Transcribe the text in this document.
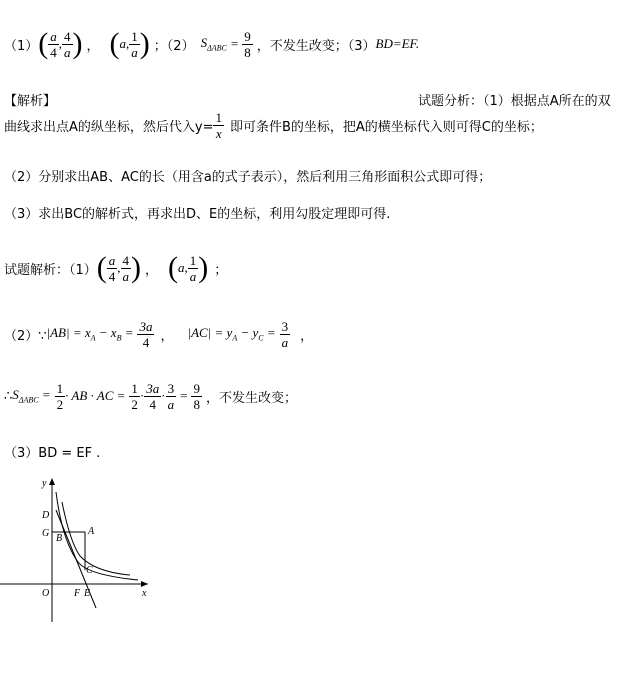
（1） ( $\frac{a}{4}$ , $\frac{4}{a}$ ) ， ( a, $\frac{1}{a}$ ) ；（2） $S_{\Delta ABC} = \frac{9}{8}$ ，不发生改变；（3） BD=EF.
【解析】	试题分析：（1）根据点A所在的双
曲线求出点A的纵坐标，然后代入$y= \frac{1}{x}$ 即可条件B的坐标，把A的横坐标代入则可得C的坐标；
（2）分别求出AB、AC的长（用含a的式子表示），然后利用三角形面积公式即可得；
（3）求出BC的解析式，再求出D、E的坐标，利用勾股定理即可得.
试题解析：（1） ( $\frac{a}{4}$ , $\frac{4}{a}$ ) ， ( a, $\frac{1}{a}$ ) ；
（2）∵ $|AB| = x_A - x_B = \frac{3a}{4}$ ， $|AC| = y_A - y_C = \frac{3}{a}$ ，
∴ $S_{\Delta ABC} = \frac{1}{2}$ · AB · AC = $\frac{1}{2} \cdot \frac{3a}{4} \cdot \frac{3}{a} = \frac{9}{8}$ ，不发生改变；
（3）BD = EF .
y
x
O
D
G B
A
C
F E
